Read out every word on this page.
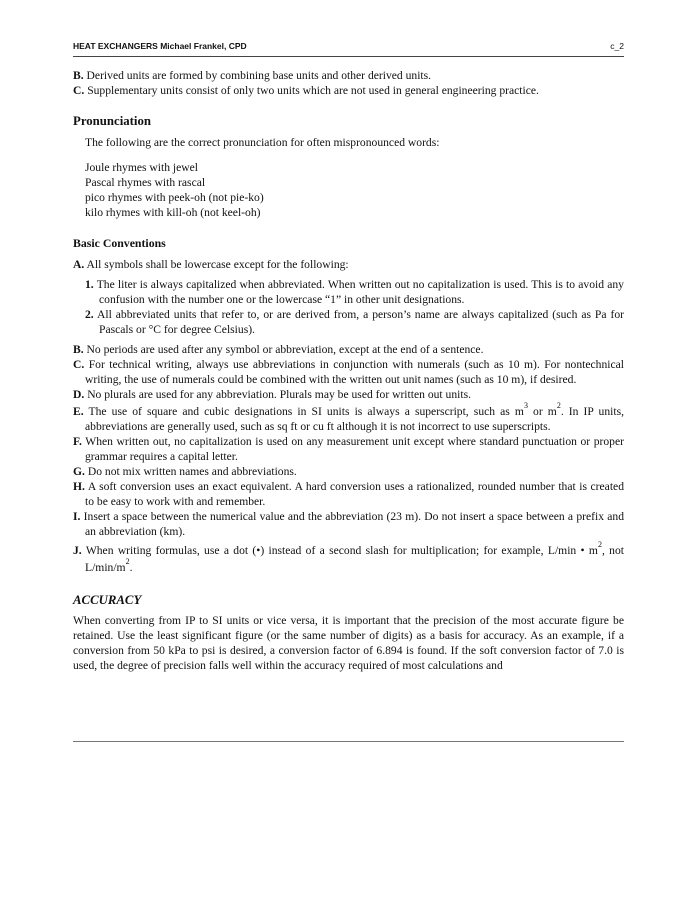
HEAT EXCHANGERS Michael Frankel, CPD	c_2

B. Derived units are formed by combining base units and other derived units.

C. Supplementary units consist of only two units which are not used in general engineering practice.

Pronunciation

The following are the correct pronunciation for often mispronounced words:

Joule rhymes with jewel
Pascal rhymes with rascal
pico rhymes with peek-oh (not pie-ko)
kilo rhymes with kill-oh (not keel-oh)
Basic Conventions

A. All symbols shall be lowercase except for the following:

1. The liter is always capitalized when abbreviated. When written out no capitalization is used. This is to avoid any confusion with the number one or the lowercase “1” in other unit designations.

2. All abbreviated units that refer to, or are derived from, a person’s name are always capitalized (such as Pa for Pascals or °C for degree Celsius).

B. No periods are used after any symbol or abbreviation, except at the end of a sentence.

C. For technical writing, always use abbreviations in conjunction with numerals (such as 10 m). For nontechnical writing, the use of numerals could be combined with the written out unit names (such as 10 m), if desired.

D. No plurals are used for any abbreviation. Plurals may be used for written out units.

E. The use of square and cubic designations in SI units is always a superscript, such as $m^3$ or $m^2$. In IP units, abbreviations are generally used, such as sq ft or cu ft although it is not incorrect to use superscripts.

F. When written out, no capitalization is used on any measurement unit except where standard punctuation or proper grammar requires a capital letter.

G. Do not mix written names and abbreviations.

H. A soft conversion uses an exact equivalent. A hard conversion uses a rationalized, rounded number that is created to be easy to work with and remember.

I. Insert a space between the numerical value and the abbreviation (23 m). Do not insert a space between a prefix and an abbreviation (km).

J. When writing formulas, use a dot (•) instead of a second slash for multiplication; for example, L/min • $m^2$, not $L/\min/m^2$.

ACCURACY

When converting from IP to SI units or vice versa, it is important that the precision of the most accurate figure be retained. Use the least significant figure (or the same number of digits) as a basis for accuracy. As an example, if a conversion from 50 kPa to psi is desired, a conversion factor of 6.894 is found. If the soft conversion factor of 7.0 is used, the degree of precision falls well within the accuracy required of most calculations and
